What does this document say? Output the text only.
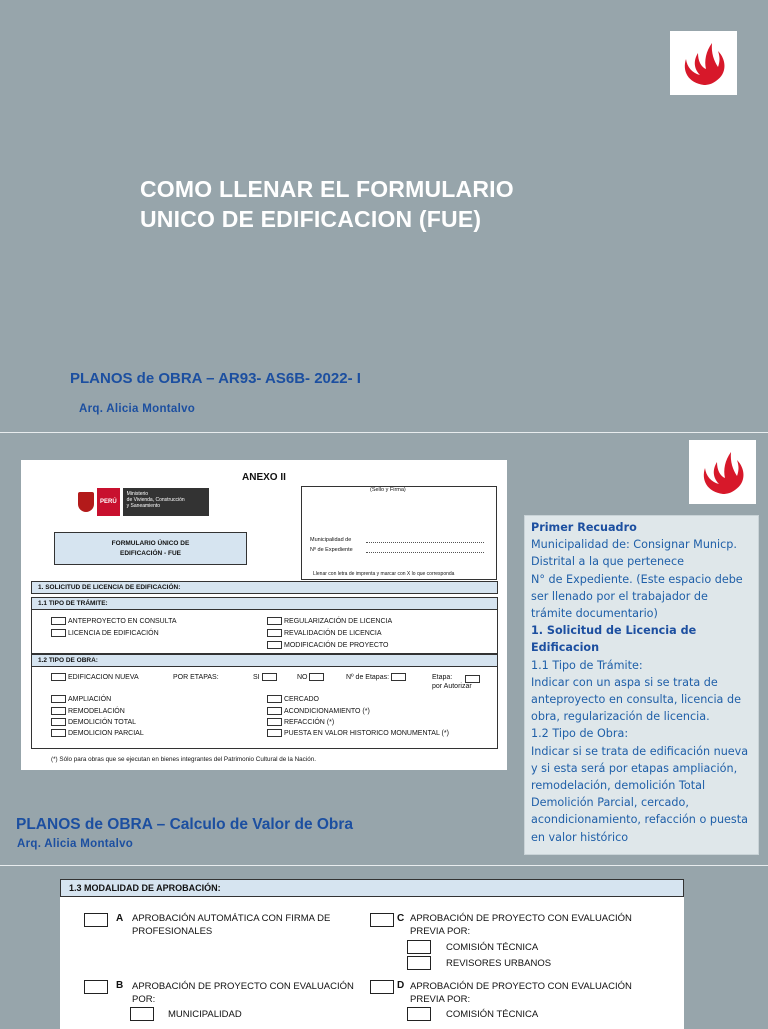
COMO LLENAR EL FORMULARIO
UNICO DE EDIFICACION (FUE)
PLANOS de OBRA – AR93- AS6B- 2022- I
Arq. Alicia Montalvo
ANEXO II
PERÚ
Ministerio
de Vivienda, Construcción
y Saneamiento
(Sello y Firma)
Municipalidad de
Nº de Expediente
FORMULARIO ÚNICO DE
EDIFICACIÓN - FUE
Llenar con letra de imprenta y marcar con X lo que corresponda
1. SOLICITUD DE LICENCIA DE EDIFICACIÓN:
1.1 TIPO DE TRÁMITE:
ANTEPROYECTO EN CONSULTA
LICENCIA DE EDIFICACIÓN
REGULARIZACIÓN DE LICENCIA
REVALIDACIÓN DE LICENCIA
MODIFICACIÓN DE PROYECTO
1.2 TIPO DE OBRA:
EDIFICACION NUEVA	POR ETAPAS:	SI	NO	Nº de Etapas:	Etapa:
por Autorizar
AMPLIACIÓN
REMODELACIÓN
DEMOLICIÓN TOTAL
DEMOLICION PARCIAL
CERCADO
ACONDICIONAMIENTO (*)
REFACCIÓN (*)
PUESTA EN VALOR HISTORICO MONUMENTAL (*)
(*) Sólo para obras que se ejecutan en bienes integrantes del Patrimonio Cultural de la Nación.
Primer Recuadro
Municipalidad de: Consignar Municp. Distrital a la que pertenece
N° de Expediente. (Este espacio debe ser llenado por el trabajador de trámite documentario)
1. Solicitud de Licencia de Edificacion
1.1 Tipo de Trámite:
Indicar con un aspa si se trata de anteproyecto en consulta, licencia de obra, regularización de licencia.
1.2 Tipo de Obra:
Indicar si se trata de edificación nueva y si esta será por etapas ampliación, remodelación, demolición Total Demolición Parcial, cercado, acondicionamiento, refacción o puesta en valor histórico
PLANOS de OBRA – Calculo de Valor de Obra
Arq. Alicia Montalvo
1.3 MODALIDAD DE APROBACIÓN:
A APROBACIÓN AUTOMÁTICA CON FIRMA DE
PROFESIONALES
C APROBACIÓN DE PROYECTO CON EVALUACIÓN
PREVIA POR:
COMISIÓN TÉCNICA
REVISORES URBANOS
B APROBACIÓN DE PROYECTO CON EVALUACIÓN
POR:
MUNICIPALIDAD
D APROBACIÓN DE PROYECTO CON EVALUACIÓN
PREVIA POR:
COMISIÓN TÉCNICA
